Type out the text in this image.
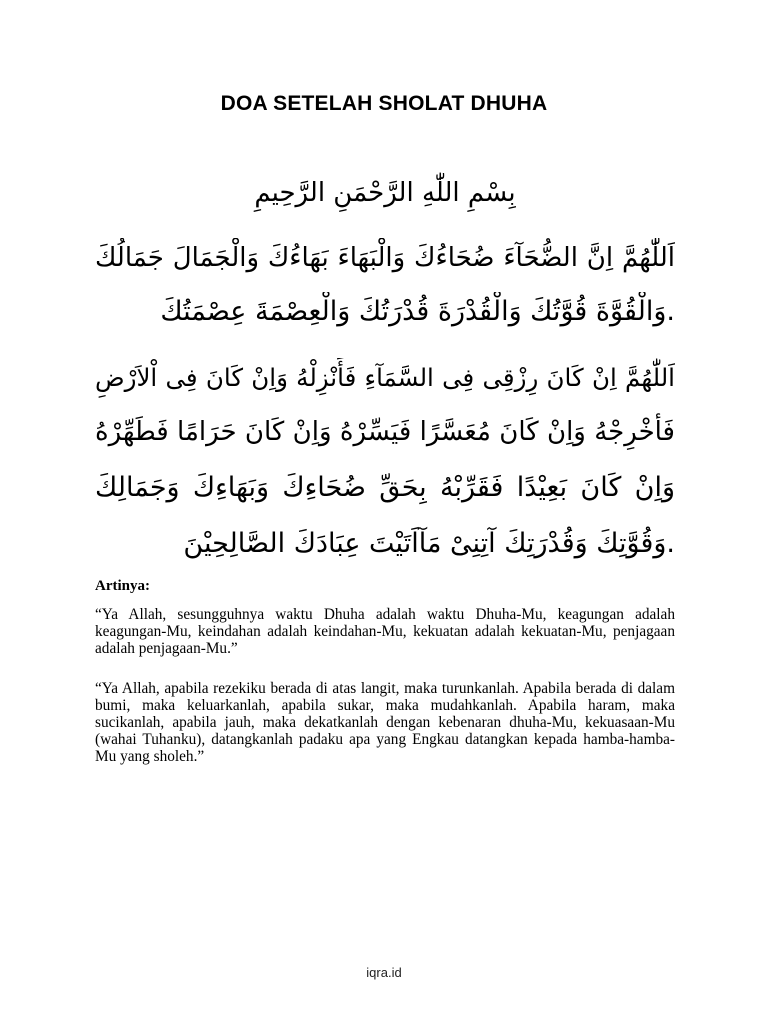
DOA SETELAH SHOLAT DHUHA
بِسْمِ اللّٰهِ الرَّحْمَنِ الرَّحِيمِ
اَللّٰهُمَّ اِنَّ الضُّحَآءَ ضُحَاءُكَ وَالْبَهَاءَ بَهَاءُكَ وَالْجَمَالَ جَمَالُكَ
.وَالْقُوَّةَ قُوَّتُكَ وَالْقُدْرَةَ قُدْرَتُكَ وَالْعِصْمَةَ عِصْمَتُكَ
اَللّٰهُمَّ اِنْ كَانَ رِزْقِى فِى السَّمَآءِ فَأَنْزِلْهُ وَاِنْ كَانَ فِى اْلاَرْضِ
فَأَخْرِجْهُ وَاِنْ كَانَ مُعَسَّرًا فَيَسِّرْهُ وَاِنْ كَانَ حَرَامًا فَطَهِّرْهُ
وَاِنْ كَانَ بَعِيْدًا فَقَرِّبْهُ بِحَقِّ ضُحَاءِكَ وَبَهَاءِكَ وَجَمَالِكَ
.وَقُوَّتِكَ وَقُدْرَتِكَ آتِنِىْ مَآاَتَيْتَ عِبَادَكَ الصَّالِحِيْنَ
Artinya:

“Ya Allah, sesungguhnya waktu Dhuha adalah waktu Dhuha-Mu, keagungan adalah keagungan-Mu, keindahan adalah keindahan-Mu, kekuatan adalah kekuatan-Mu, penjagaan adalah penjagaan-Mu.”

“Ya Allah, apabila rezekiku berada di atas langit, maka turunkanlah. Apabila berada di dalam bumi, maka keluarkanlah, apabila sukar, maka mudahkanlah. Apabila haram, maka sucikanlah, apabila jauh, maka dekatkanlah dengan kebenaran dhuha-Mu, kekuasaan-Mu (wahai Tuhanku), datangkanlah padaku apa yang Engkau datangkan kepada hamba-hamba-Mu yang sholeh.”

iqra.id
